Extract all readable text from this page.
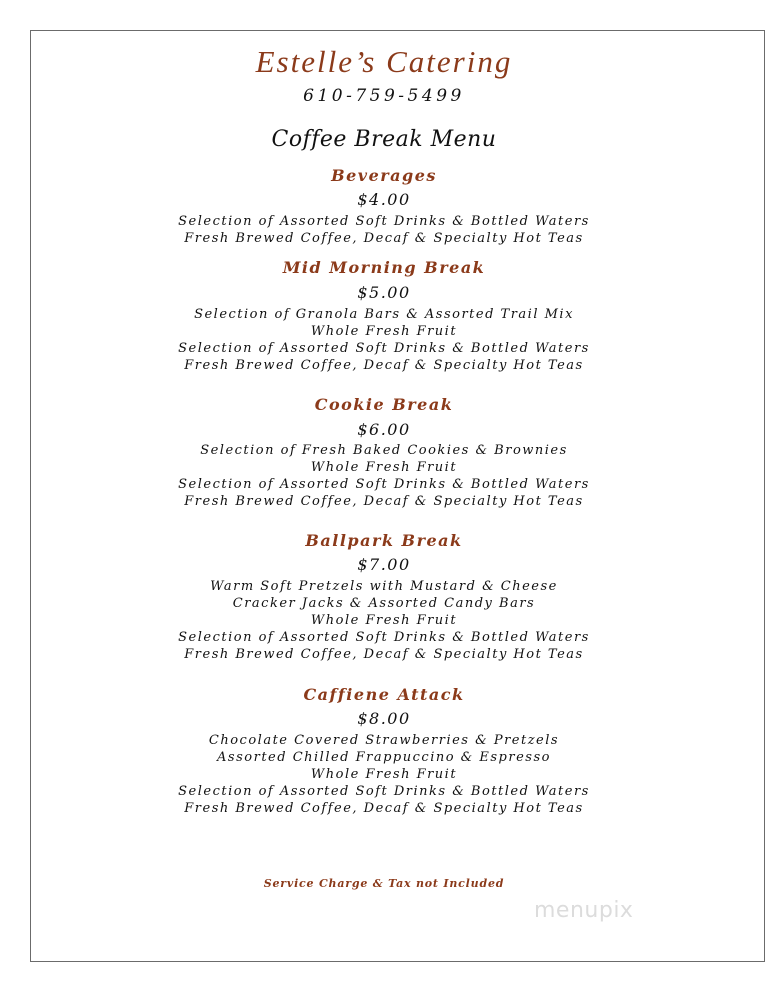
Estelle’s Catering
610-759-5499
Coffee Break Menu
Beverages
$4.00
Selection of Assorted Soft Drinks & Bottled Waters
Fresh Brewed Coffee, Decaf & Specialty Hot Teas
Mid Morning Break
$5.00
Selection of Granola Bars & Assorted Trail Mix
Whole Fresh Fruit
Selection of Assorted Soft Drinks & Bottled Waters
Fresh Brewed Coffee, Decaf & Specialty Hot Teas
Cookie Break
$6.00
Selection of Fresh Baked Cookies & Brownies
Whole Fresh Fruit
Selection of Assorted Soft Drinks & Bottled Waters
Fresh Brewed Coffee, Decaf & Specialty Hot Teas
Ballpark Break
$7.00
Warm Soft Pretzels with Mustard & Cheese
Cracker Jacks & Assorted Candy Bars
Whole Fresh Fruit
Selection of Assorted Soft Drinks & Bottled Waters
Fresh Brewed Coffee, Decaf & Specialty Hot Teas
Caffiene Attack
$8.00
Chocolate Covered Strawberries & Pretzels
Assorted Chilled Frappuccino & Espresso
Whole Fresh Fruit
Selection of Assorted Soft Drinks & Bottled Waters
Fresh Brewed Coffee, Decaf & Specialty Hot Teas
Service Charge & Tax not Included
menupix
